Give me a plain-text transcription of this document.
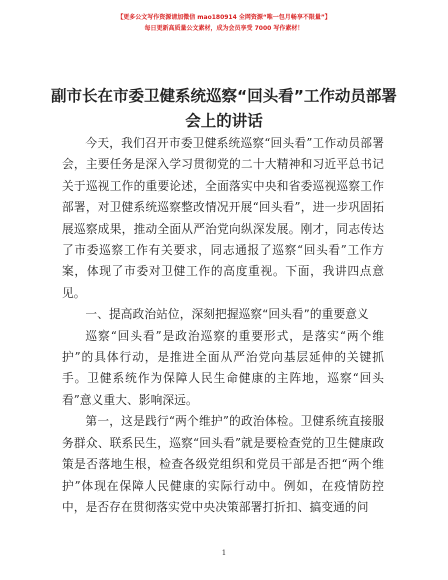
【更多公文写作资源请加微信 mao180914 全网资源“唯一包月畅享不限量”】
每日更新高质量公文素材，成为会员享受 7000 写作素材！
副市长在市委卫健系统巡察“回头看”工作动员部署会上的讲话

今天，我们召开市委卫健系统巡察“回头看”工作动员部署会，主要任务是深入学习贯彻党的二十大精神和习近平总书记关于巡视工作的重要论述，全面落实中央和省委巡视巡察工作部署，对卫健系统巡察整改情况开展“回头看”，进一步巩固拓展巡察成果，推动全面从严治党向纵深发展。刚才，同志传达了市委巡察工作有关要求，同志通报了巡察“回头看”工作方案，体现了市委对卫健工作的高度重视。下面，我讲四点意见。

一、提高政治站位，深刻把握巡察“回头看”的重要意义

巡察“回头看”是政治巡察的重要形式，是落实“两个维护”的具体行动，是推进全面从严治党向基层延伸的关键抓手。卫健系统作为保障人民生命健康的主阵地，巡察“回头看”意义重大、影响深远。

第一，这是践行“两个维护”的政治体检。卫健系统直接服务群众、联系民生，巡察“回头看”就是要检查党的卫生健康政策是否落地生根，检查各级党组织和党员干部是否把“两个维护”体现在保障人民健康的实际行动中。例如，在疫情防控中，是否存在贯彻落实党中央决策部署打折扣、搞变通的问

1
